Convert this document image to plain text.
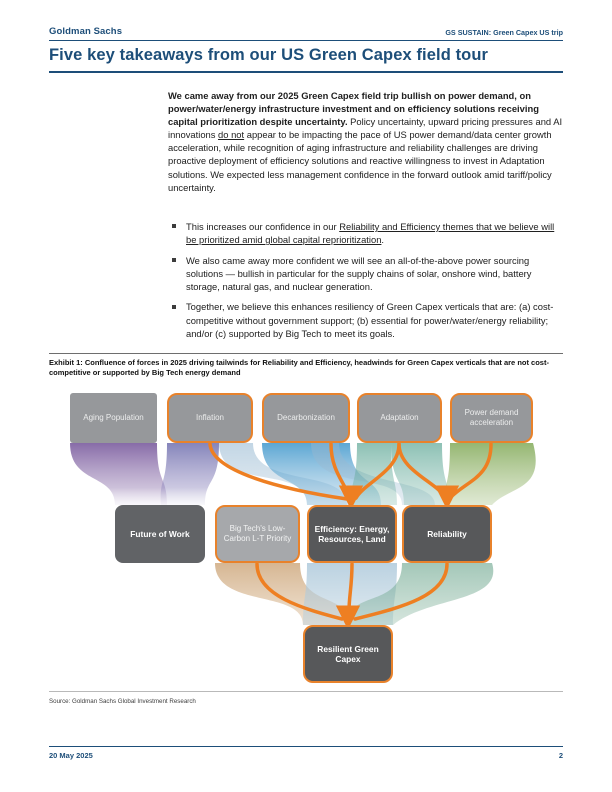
Goldman Sachs	GS SUSTAIN: Green Capex US trip
Five key takeaways from our US Green Capex field tour
We came away from our 2025 Green Capex field trip bullish on power demand, on power/water/energy infrastructure investment and on efficiency solutions receiving capital prioritization despite uncertainty. Policy uncertainty, upward pricing pressures and AI innovations do not appear to be impacting the pace of US power demand/data center growth acceleration, while recognition of aging infrastructure and reliability challenges are driving proactive deployment of efficiency solutions and reactive willingness to invest in Adaptation solutions. We expected less management confidence in the forward outlook amid tariff/policy uncertainty.
This increases our confidence in our Reliability and Efficiency themes that we believe will be prioritized amid global capital reprioritization.
We also came away more confident we will see an all-of-the-above power sourcing solutions — bullish in particular for the supply chains of solar, onshore wind, battery storage, natural gas, and nuclear generation.
Together, we believe this enhances resiliency of Green Capex verticals that are: (a) cost-competitive without government support; (b) essential for power/water/energy reliability; and/or (c) supported by Big Tech to meet its goals.
Exhibit 1: Confluence of forces in 2025 driving tailwinds for Reliability and Efficiency, headwinds for Green Capex verticals that are not cost-competitive or supported by Big Tech energy demand
Aging Population	Inflation	Decarbonization	Adaptation
Power demand acceleration
Future of Work
Big Tech’s Low-Carbon L-T Priority
Efficiency: Energy, Resources, Land	Reliability
Resilient Green Capex
Source: Goldman Sachs Global Investment Research
20 May 2025	2
